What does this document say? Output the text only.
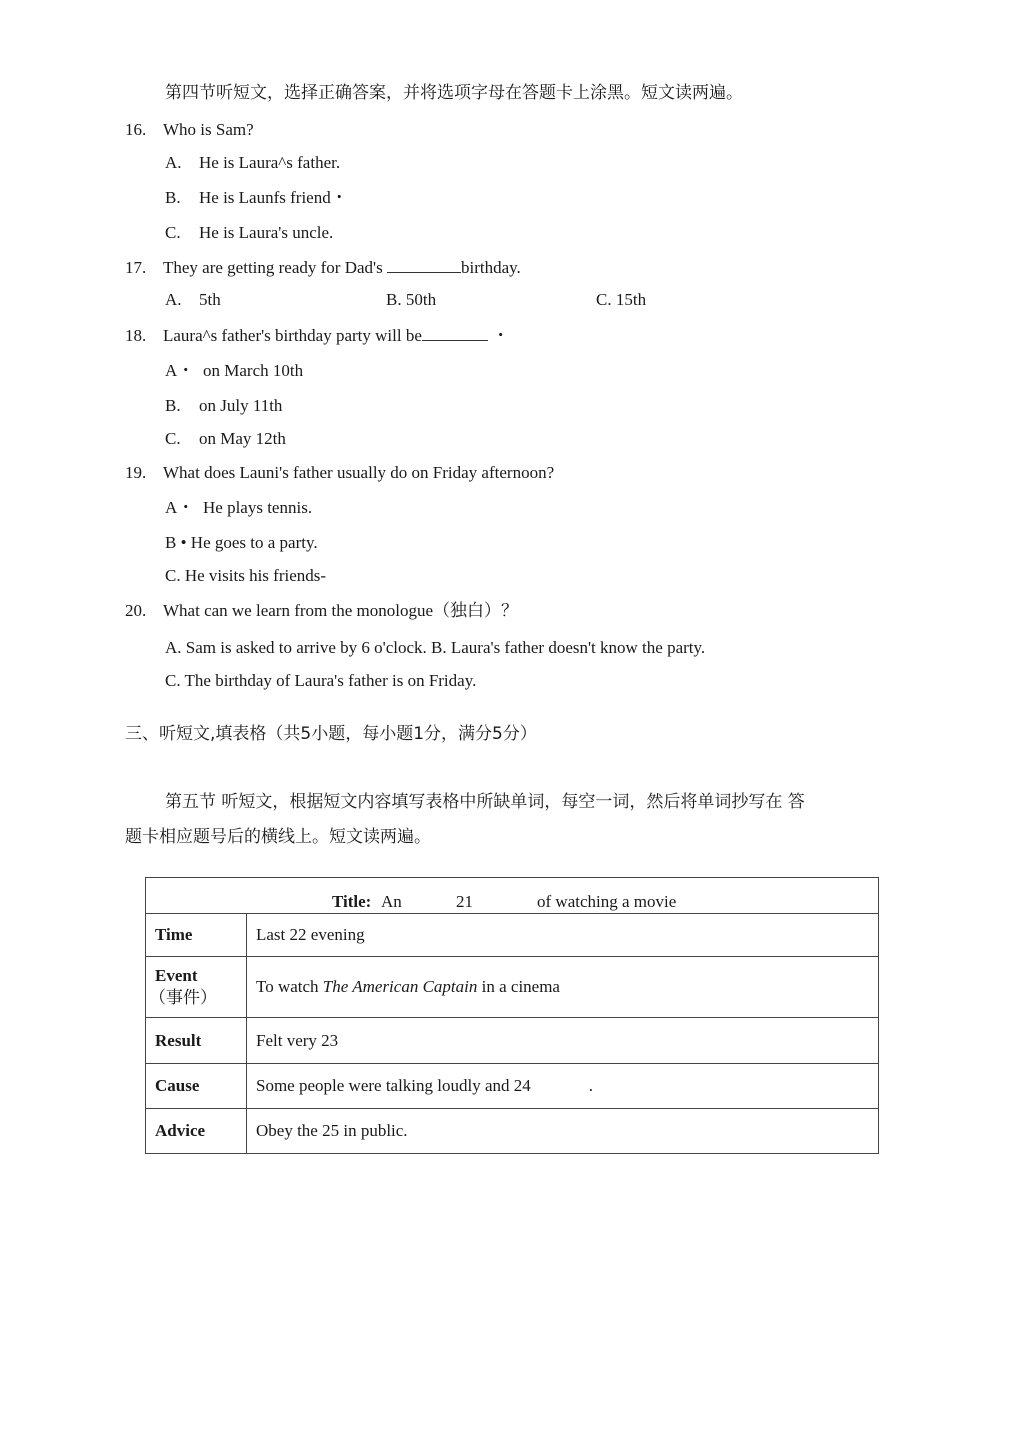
第四节听短文，选择正确答案，并将选项字母在答题卡上涂黑。短文读两遍。
16. Who is Sam?
A. He is Laura^s father.
B. He is Launfs friend・
C. He is Laura's uncle.
17. They are getting ready for Dad's	birthday.
A. 5th	B. 50th	C. 15th
18. Laura^s father's birthday party will be	・
A・ on March 10th
B. on July 11th
C. on May 12th
19. What does Launi's father usually do on Friday afternoon?
A・ He plays tennis.
B • He goes to a party.
C. He visits his friends-
20. What can we learn from the monologue（独白）？
A. Sam is asked to arrive by 6 o'clock. B. Laura's father doesn't know the party.
C. The birthday of Laura's father is on Friday.
三、听短文,填表格（共5小题，每小题1分，满分5分）
第五节 听短文，根据短文内容填写表格中所缺单词，每空一词，然后将单词抄写在 答
题卡相应题号后的横线上。短文读两遍。
Title: An 21 of watching a movie	

Time	Last 22 evening

Event
（事件）	To watch The American Captain in a cinema
Result	Felt very 23
Cause	Some people were talking loudly and 24 .
Advice	Obey the 25 in public.
